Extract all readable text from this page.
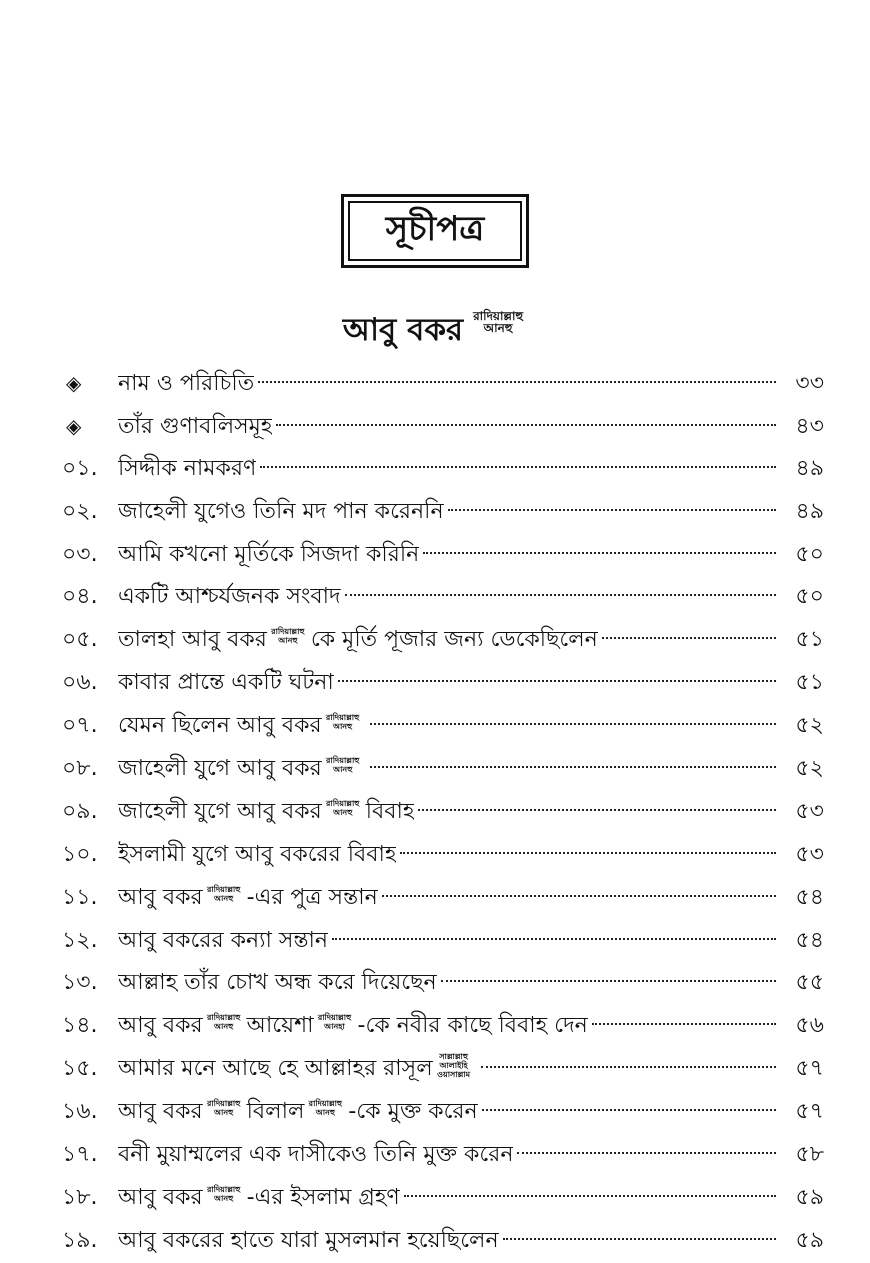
সূচীপত্র
আবু বকর রাদিয়াল্লাহু আনহু
◈	নাম ও পরিচিতি	৩৩
◈	তাঁর গুণাবলিসমূহ	৪৩
০১. সিদ্দীক নামকরণ	৪৯
০২. জাহেলী যুগেও তিনি মদ পান করেননি	৪৯
০৩. আমি কখনো মূর্তিকে সিজদা করিনি	৫০
০৪. একটি আশ্চর্যজনক সংবাদ	৫০
০৫. তালহা আবু বকর রাদিয়াল্লাহু আনহু কে মূর্তি পূজার জন্য ডেকেছিলেন	৫১
০৬. কাবার প্রান্তে একটি ঘটনা	৫১
০৭. যেমন ছিলেন আবু বকর রাদিয়াল্লাহু আনহু	৫২
০৮. জাহেলী যুগে আবু বকর রাদিয়াল্লাহু আনহু	৫২
০৯. জাহেলী যুগে আবু বকর রাদিয়াল্লাহু আনহু বিবাহ	৫৩
১০. ইসলামী যুগে আবু বকরের বিবাহ	৫৩
১১. আবু বকর রাদিয়াল্লাহু আনহু -এর পুত্র সন্তান	৫৪
১২. আবু বকরের কন্যা সন্তান	৫৪
১৩. আল্লাহ তাঁর চোখ অন্ধ করে দিয়েছেন	৫৫
১৪. আবু বকর রাদিয়াল্লাহু আনহু আয়েশা রাদিয়াল্লাহু আনহা -কে নবীর কাছে বিবাহ দেন	৫৬
১৫. আমার মনে আছে হে আল্লাহর রাসূল সাল্লাল্লাহু আলাইহি ওয়াসাল্লাম	৫৭
১৬. আবু বকর রাদিয়াল্লাহু আনহু বিলাল রাদিয়াল্লাহু আনহু -কে মুক্ত করেন	৫৭
১৭. বনী মুয়াম্মলের এক দাসীকেও তিনি মুক্ত করেন	৫৮
১৮. আবু বকর রাদিয়াল্লাহু আনহু -এর ইসলাম গ্রহণ	৫৯
১৯. আবু বকরের হাতে যারা মুসলমান হয়েছিলেন	৫৯
